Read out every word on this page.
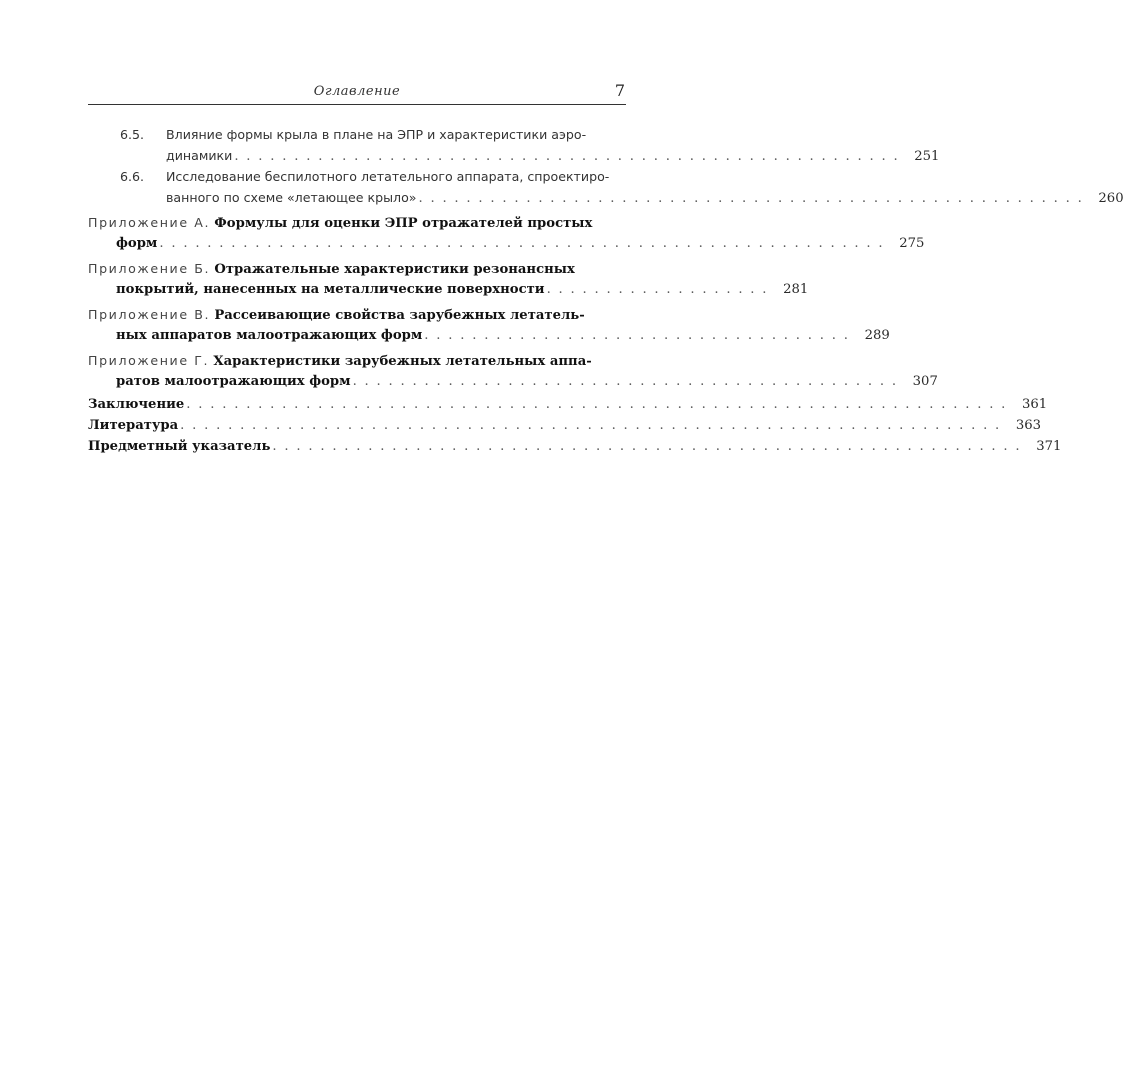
Оглавление	7
6.5. Влияние формы крыла в плане на ЭПР и характеристики аэро-
динамики . . . . . . . . . . . . . . . . . . . . . . . . . . . . . . . . . . . . . . . . . . . . . . . . . . . . . . . .	251
6.6. Исследование беспилотного летательного аппарата, спроектиро-
ванного по схеме «летающее крыло» . . . . . . . . . . . . . . . . . . . . . . . . . . . . . . . . . . . . . . . . . . . . . . . . . . . . . . . .	260
Приложение А. Формулы для оценки ЭПР отражателей простых
форм . . . . . . . . . . . . . . . . . . . . . . . . . . . . . . . . . . . . . . . . . . . . . . . . . . . . . . . . . . . . .	275
Приложение Б. Отражательные характеристики резонансных
покрытий, нанесенных на металлические поверхности . . . . . . . . . . . . . . . . . . .	281
Приложение В. Рассеивающие свойства зарубежных летатель-
ных аппаратов малоотражающих форм . . . . . . . . . . . . . . . . . . . . . . . . . . . . . . . . . . . .	289
Приложение Г. Характеристики зарубежных летательных аппа-
ратов малоотражающих форм . . . . . . . . . . . . . . . . . . . . . . . . . . . . . . . . . . . . . . . . . . . . . .	307
Заключение . . . . . . . . . . . . . . . . . . . . . . . . . . . . . . . . . . . . . . . . . . . . . . . . . . . . . . . . . . . . . . . . . . . . .	361
Литература . . . . . . . . . . . . . . . . . . . . . . . . . . . . . . . . . . . . . . . . . . . . . . . . . . . . . . . . . . . . . . . . . . . . .	363
Предметный указатель . . . . . . . . . . . . . . . . . . . . . . . . . . . . . . . . . . . . . . . . . . . . . . . . . . . . . . . . . . . . . . .	371
